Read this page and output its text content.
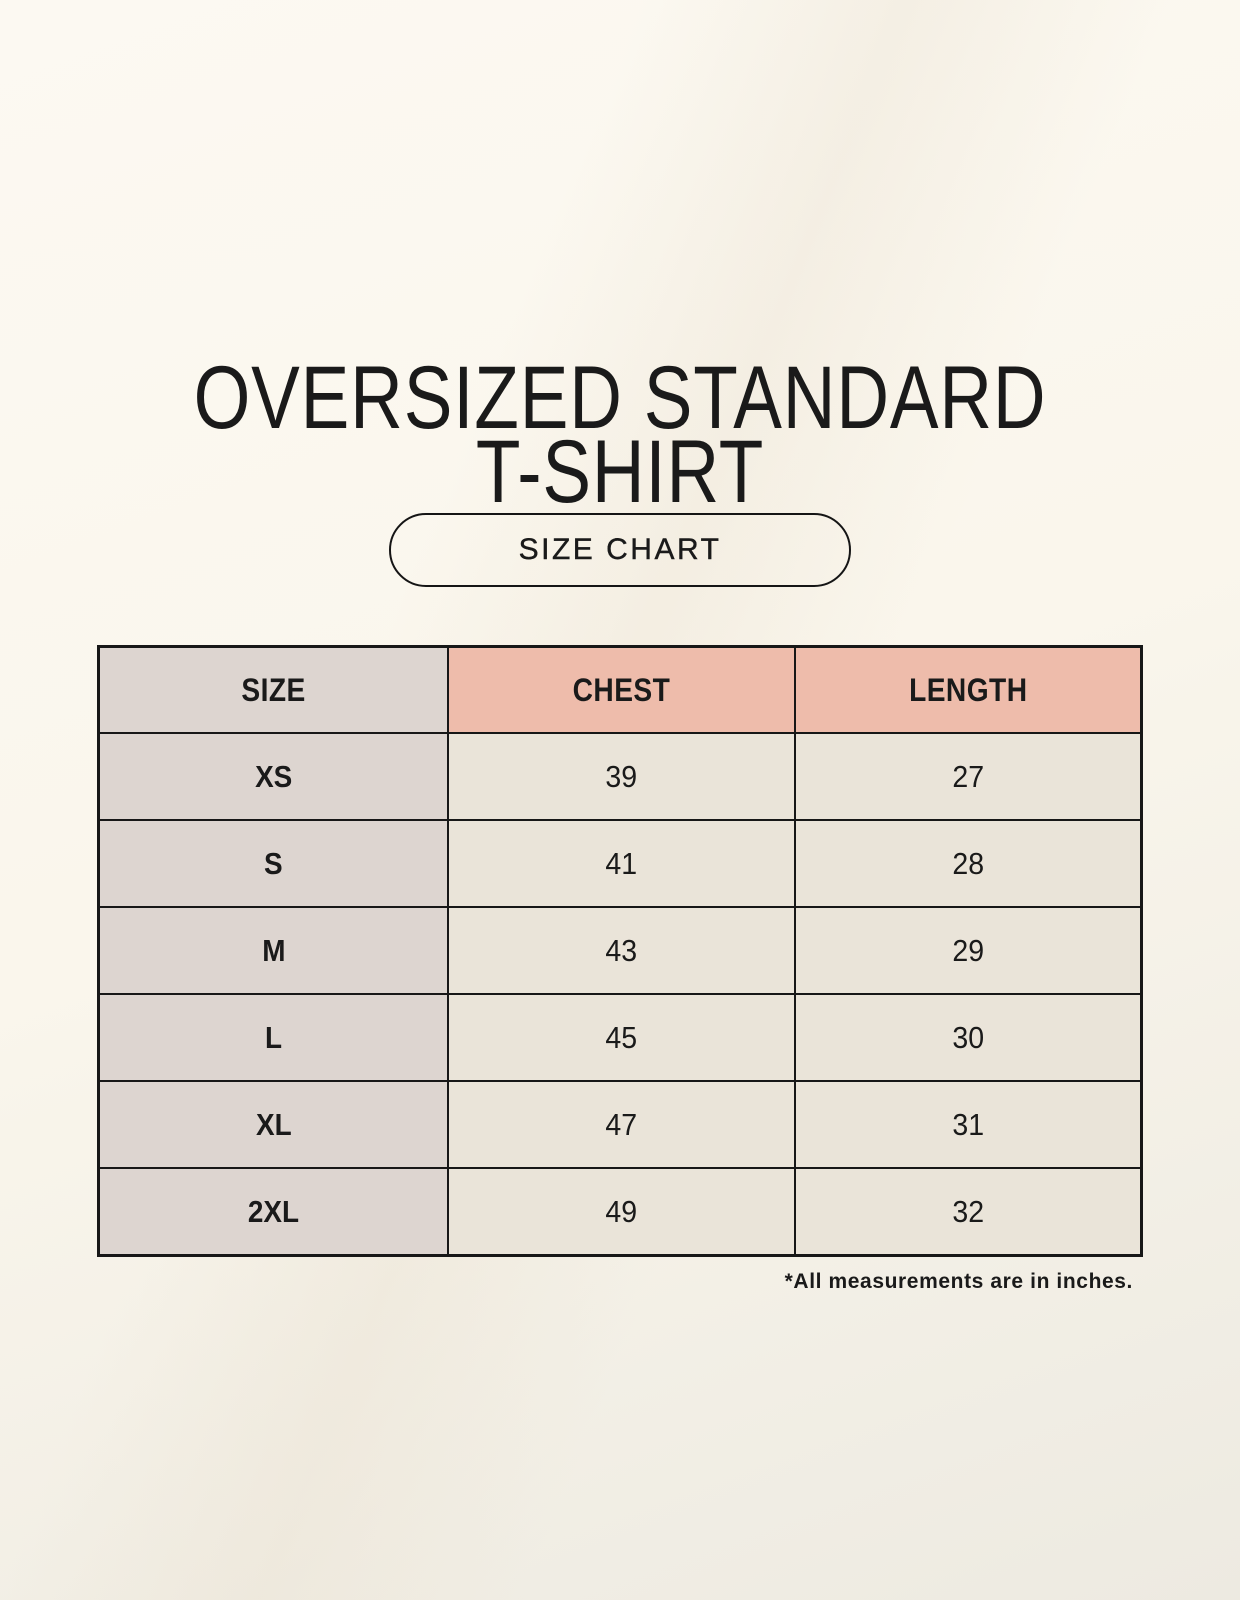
OVERSIZED STANDARD
T-SHIRT
SIZE CHART
SIZE	CHEST	LENGTH
XS	39	27
S	41	28
M	43	29
L	45	30
XL	47	31
2XL	49	32
*All measurements are in inches.
